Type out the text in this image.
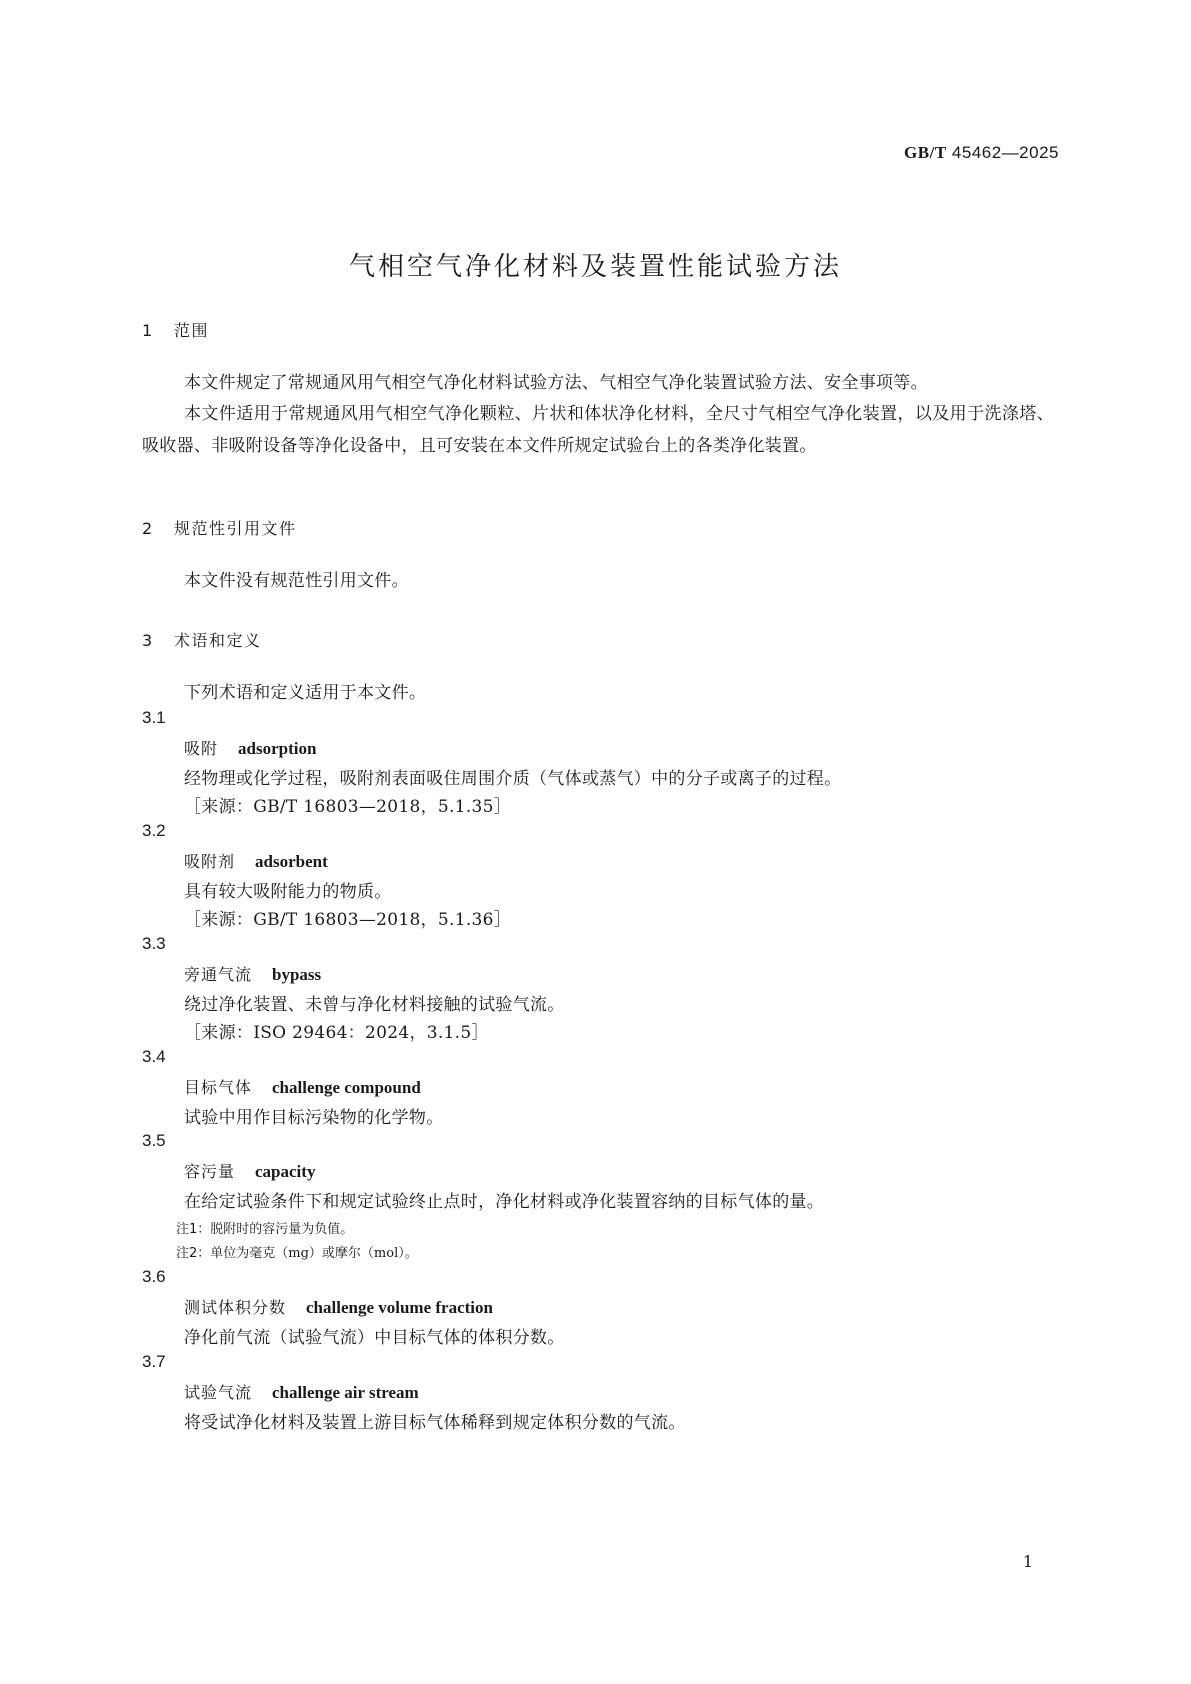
GB/T 45462—2025
气相空气净化材料及装置性能试验方法
1 范围
本文件规定了常规通风用气相空气净化材料试验方法、气相空气净化装置试验方法、安全事项等。
本文件适用于常规通风用气相空气净化颗粒、片状和体状净化材料，全尺寸气相空气净化装置，以及用于洗涤塔、吸收器、非吸附设备等净化设备中，且可安装在本文件所规定试验台上的各类净化装置。
2 规范性引用文件
本文件没有规范性引用文件。
3 术语和定义
下列术语和定义适用于本文件。
3.1
吸附 adsorption
经物理或化学过程，吸附剂表面吸住周围介质（气体或蒸气）中的分子或离子的过程。
［来源：GB/T 16803—2018，5.1.35］
3.2
吸附剂 adsorbent
具有较大吸附能力的物质。
［来源：GB/T 16803—2018，5.1.36］
3.3
旁通气流 bypass
绕过净化装置、未曾与净化材料接触的试验气流。
［来源：ISO 29464：2024，3.1.5］
3.4
目标气体 challenge compound
试验中用作目标污染物的化学物。
3.5
容污量 capacity
在给定试验条件下和规定试验终止点时，净化材料或净化装置容纳的目标气体的量。
注1：脱附时的容污量为负值。
注2：单位为毫克（mg）或摩尔（mol）。
3.6
测试体积分数 challenge volume fraction
净化前气流（试验气流）中目标气体的体积分数。
3.7
试验气流 challenge air stream
将受试净化材料及装置上游目标气体稀释到规定体积分数的气流。
1
